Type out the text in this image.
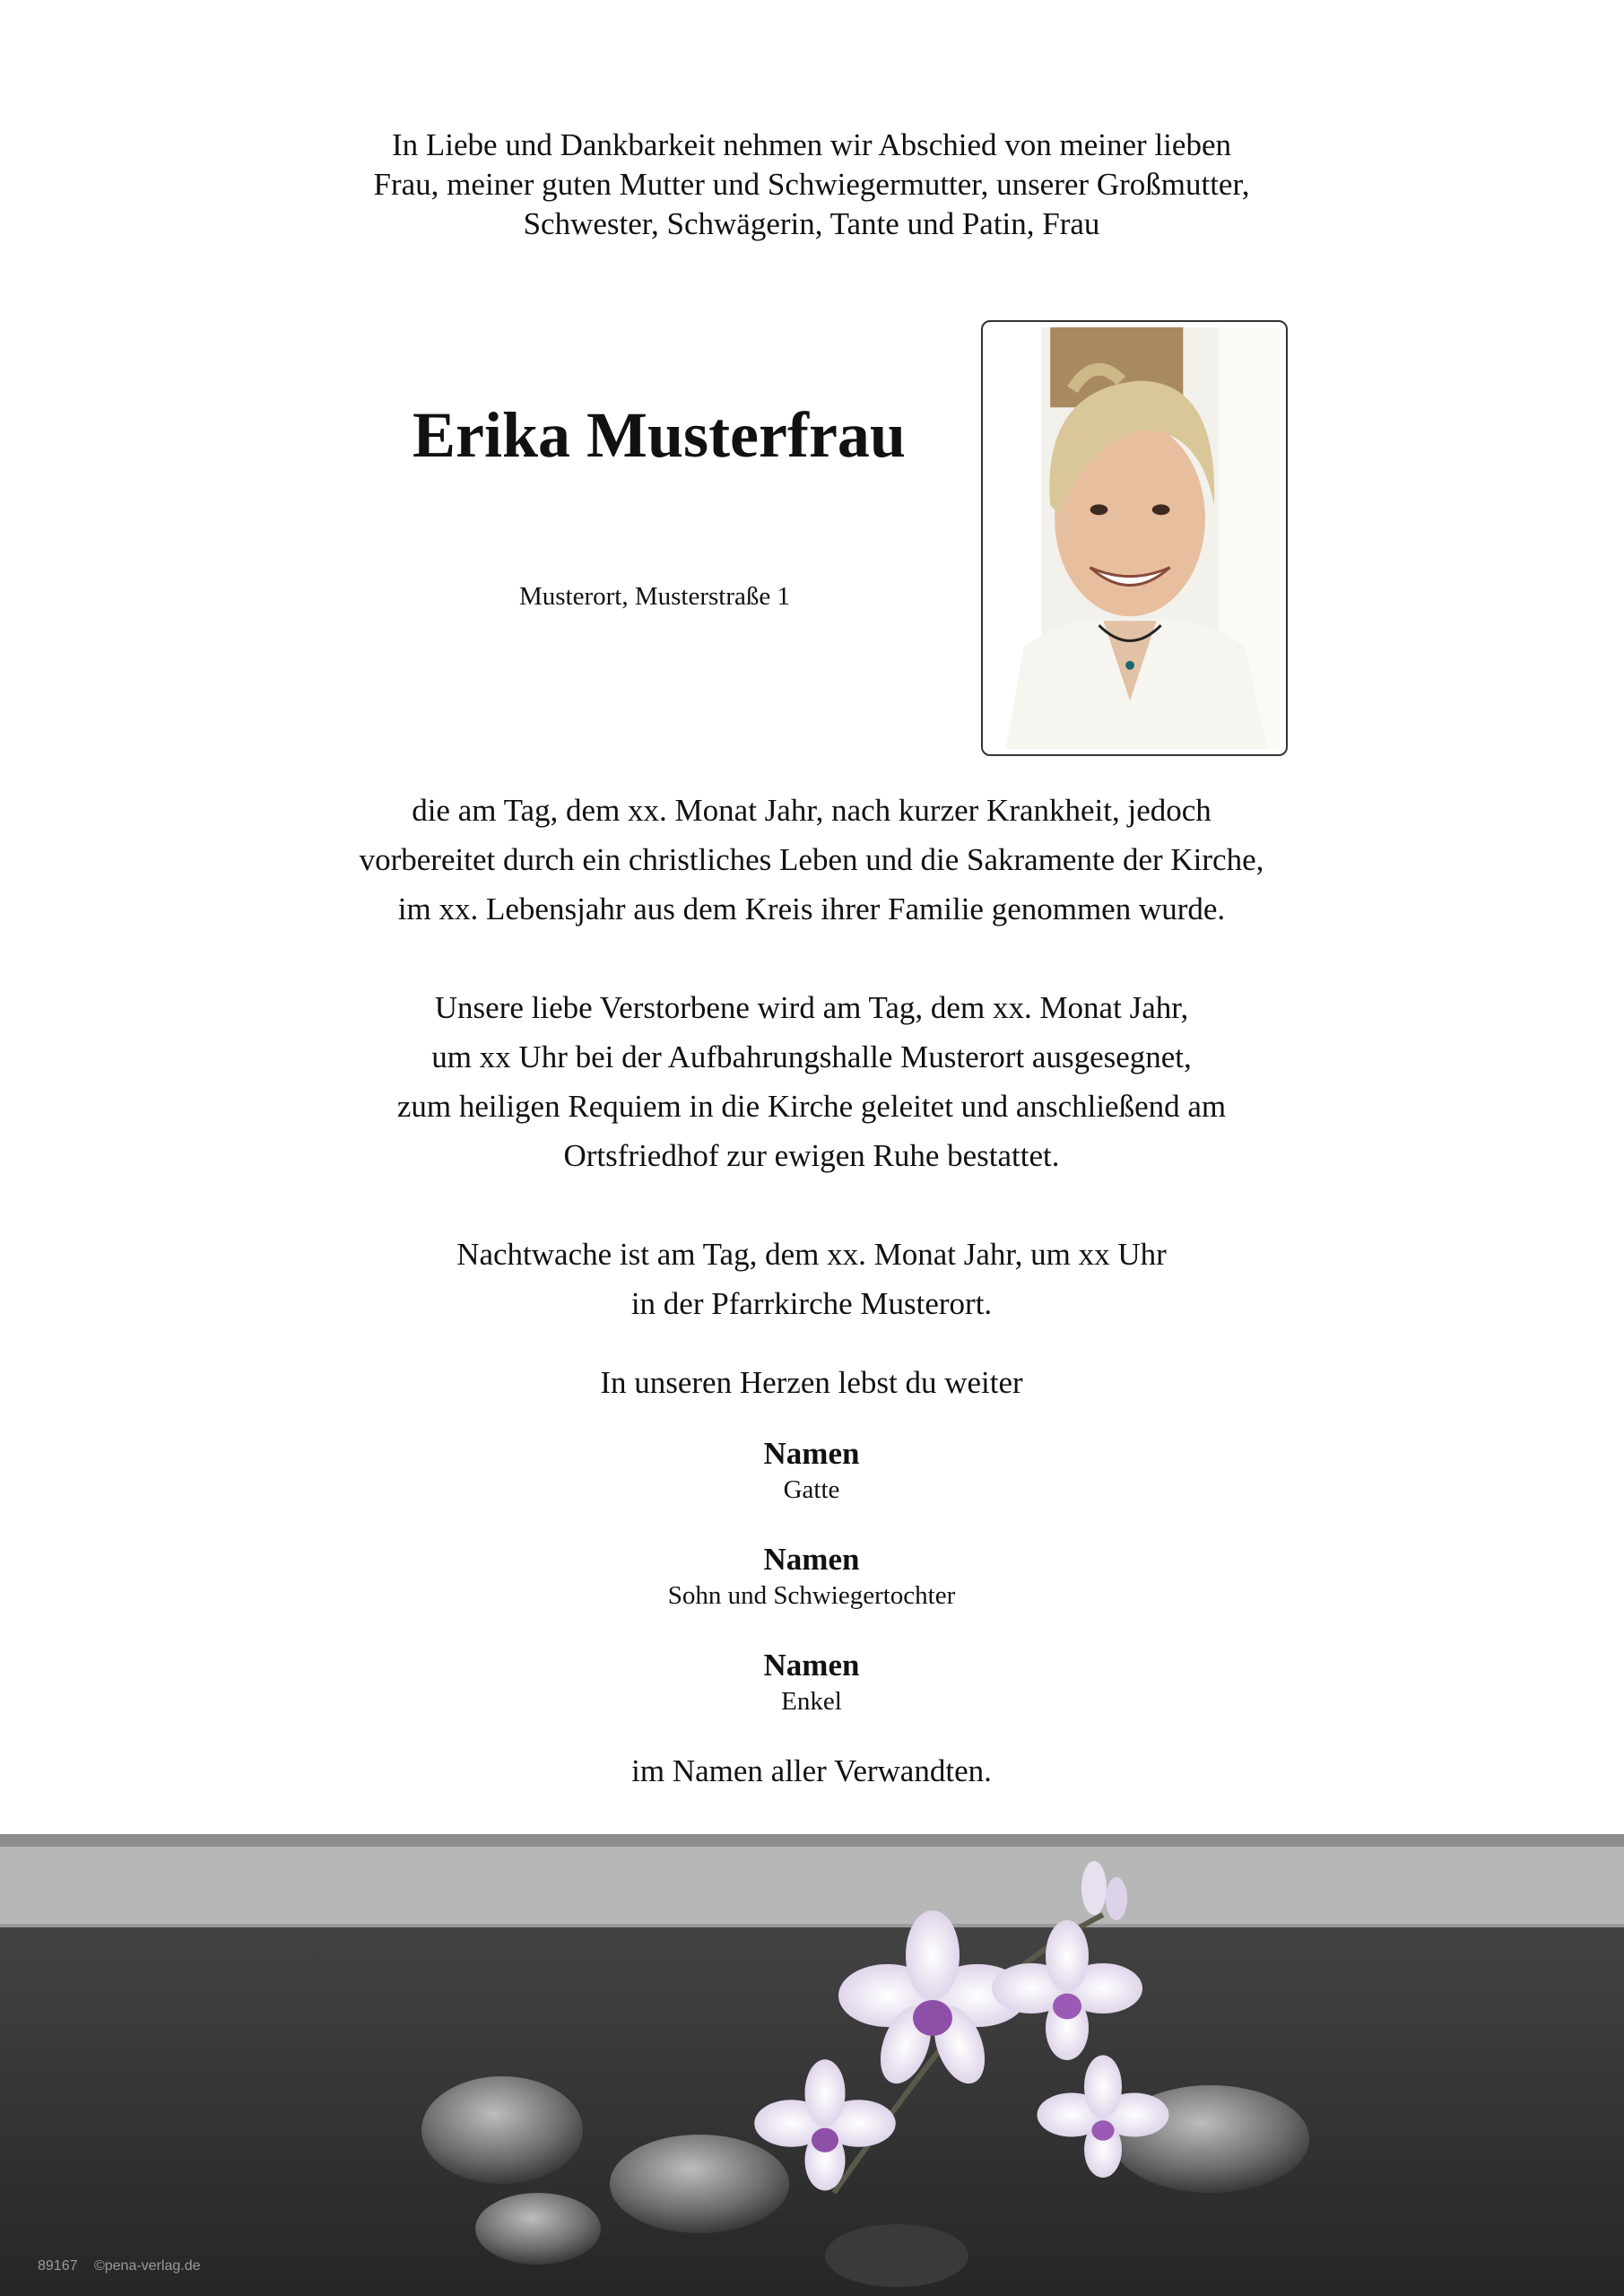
In Liebe und Dankbarkeit nehmen wir Abschied von meiner lieben

Frau, meiner guten Mutter und Schwiegermutter, unserer Großmutter,

Schwester, Schwägerin, Tante und Patin, Frau

Erika Musterfrau
Musterort, Musterstraße 1

die am Tag, dem xx. Monat Jahr, nach kurzer Krankheit, jedoch
vorbereitet durch ein christliches Leben und die Sakramente der Kirche,
im xx. Lebensjahr aus dem Kreis ihrer Familie genommen wurde.

Unsere liebe Verstorbene wird am Tag, dem xx. Monat Jahr,
um xx Uhr bei der Aufbahrungshalle Musterort ausgesegnet,
zum heiligen Requiem in die Kirche geleitet und anschließend am
Ortsfriedhof zur ewigen Ruhe bestattet.

Nachtwache ist am Tag, dem xx. Monat Jahr, um xx Uhr
in der Pfarrkirche Musterort.

In unseren Herzen lebst du weiter
Namen
Gatte
Namen
Sohn und Schwiegertochter
Namen
Enkel
im Namen aller Verwandten.
89167 ©pena-verlag.de
